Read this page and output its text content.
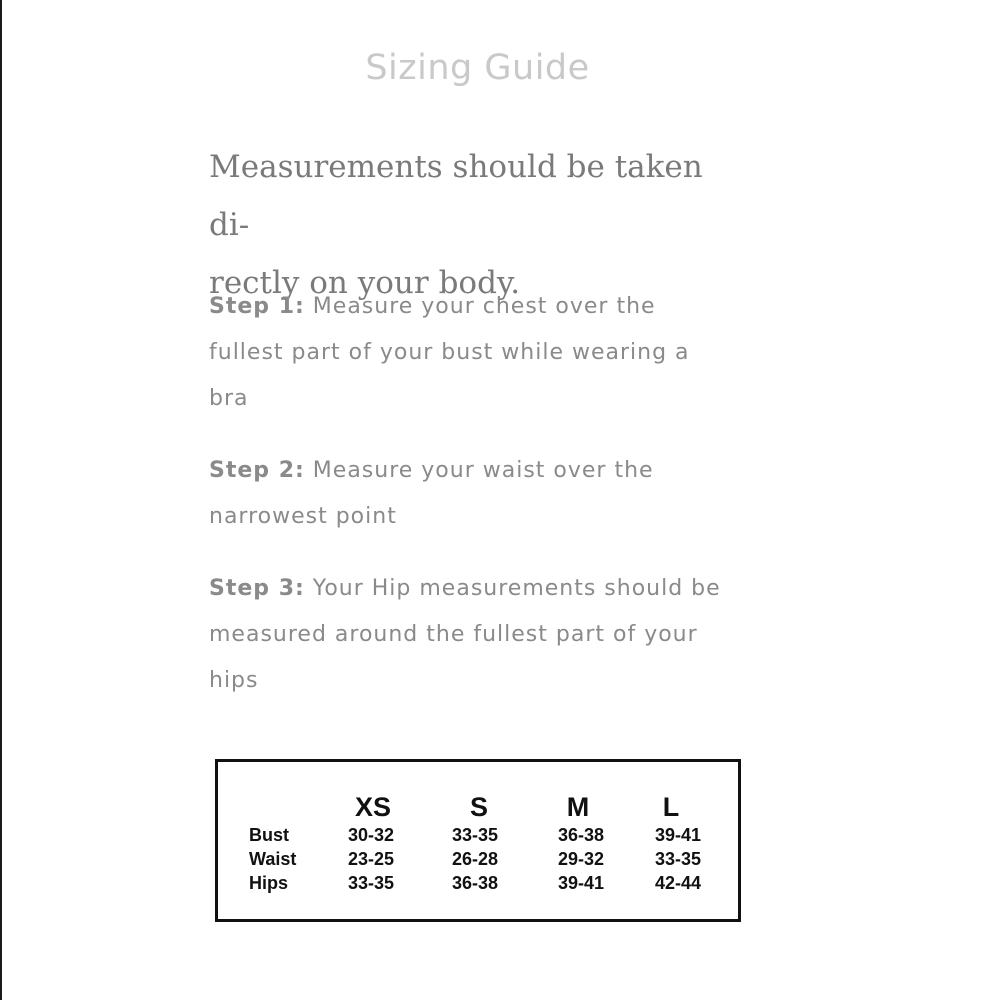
Sizing Guide

Measurements should be taken di-
rectly on your body.

Step 1: Measure your chest over the fullest part of your bust while wearing a bra

Step 2: Measure your waist over the narrowest point

Step 3: Your Hip measurements should be measured around the fullest part of your hips

XS	S	M	L
Bust	30-32	33-35	36-38	39-41
Waist	23-25	26-28	29-32	33-35
Hips	33-35	36-38	39-41	42-44
